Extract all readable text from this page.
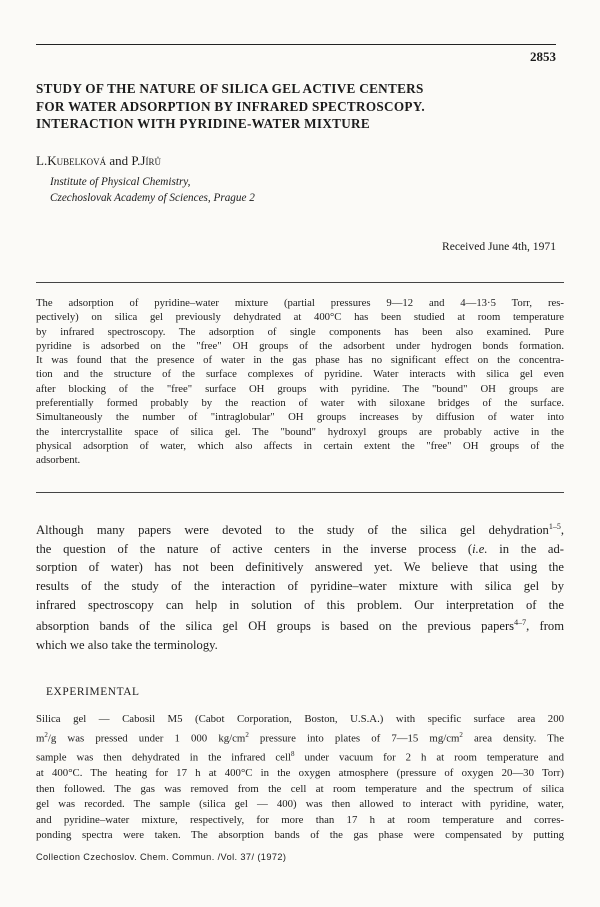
2853
STUDY OF THE NATURE OF SILICA GEL ACTIVE CENTERS
FOR WATER ADSORPTION BY INFRARED SPECTROSCOPY.
INTERACTION WITH PYRIDINE-WATER MIXTURE
L.Kubelková and P.Jírů
Institute of Physical Chemistry,
Czechoslovak Academy of Sciences, Prague 2
Received June 4th, 1971
The adsorption of pyridine–water mixture (partial pressures 9—12 and 4—13·5 Torr, res-
pectively) on silica gel previously dehydrated at 400°C has been studied at room temperature
by infrared spectroscopy. The adsorption of single components has been also examined. Pure
pyridine is adsorbed on the "free" OH groups of the adsorbent under hydrogen bonds formation.
It was found that the presence of water in the gas phase has no significant effect on the concentra-
tion and the structure of the surface complexes of pyridine. Water interacts with silica gel even
after blocking of the "free" surface OH groups with pyridine. The "bound" OH groups are
preferentially formed probably by the reaction of water with siloxane bridges of the surface.
Simultaneously the number of "intraglobular" OH groups increases by diffusion of water into
the intercrystallite space of silica gel. The "bound" hydroxyl groups are probably active in the
physical adsorption of water, which also affects in certain extent the "free" OH groups of the
adsorbent.
Although many papers were devoted to the study of the silica gel dehydration$^{1-5}$,
the question of the nature of active centers in the inverse process (i.e. in the ad-
sorption of water) has not been definitively answered yet. We believe that using the
results of the study of the interaction of pyridine–water mixture with silica gel by
infrared spectroscopy can help in solution of this problem. Our interpretation of the
absorption bands of the silica gel OH groups is based on the previous papers$^{4-7}$, from
which we also take the terminology.
EXPERIMENTAL
Silica gel — Cabosil M5 (Cabot Corporation, Boston, U.S.A.) with specific surface area 200
$m^2/g$ was pressed under 1 000 $kg/cm^2$ pressure into plates of 7—15 $mg/cm^2$ area density. The
sample was then dehydrated in the infrared cell$^8$ under vacuum for 2 h at room temperature and
at 400°C. The heating for 17 h at 400°C in the oxygen atmosphere (pressure of oxygen 20—30 Torr)
then followed. The gas was removed from the cell at room temperature and the spectrum of silica
gel was recorded. The sample (silica gel — 400) was then allowed to interact with pyridine, water,
and pyridine–water mixture, respectively, for more than 17 h at room temperature and corres-
ponding spectra were taken. The absorption bands of the gas phase were compensated by putting
Collection Czechoslov. Chem. Commun. /Vol. 37/ (1972)
